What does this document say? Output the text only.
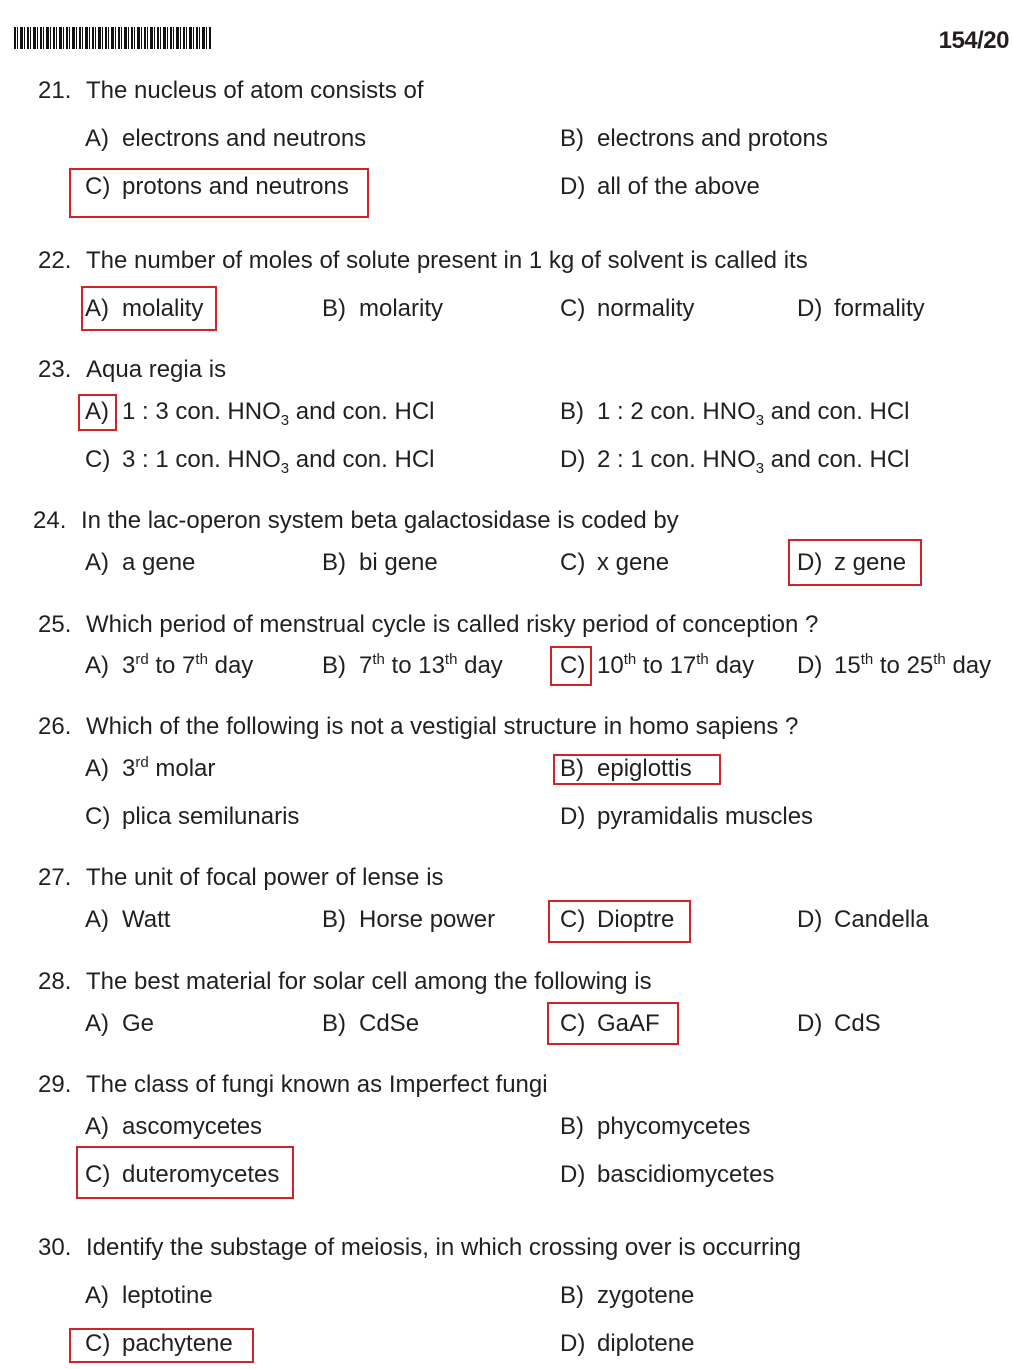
154/20
21. The nucleus of atom consists of
A) electrons and neutrons	B) electrons and protons
C) protons and neutrons	D) all of the above
22. The number of moles of solute present in 1 kg of solvent is called its
A) molality	B) molarity	C) normality	D) formality
23. Aqua regia is
A) 1 : 3 con. $HNO_3$ and con. HCl	B) 1 : 2 con. $HNO_3$ and con. HCl
C) 3 : 1 con. $HNO_3$ and con. HCl	D) 2 : 1 con. $HNO_3$ and con. HCl
24. In the lac-operon system beta galactosidase is coded by
A) a gene	B) bi gene	C) x gene	D) z gene
25. Which period of menstrual cycle is called risky period of conception ?
A) 3rd to 7th day	B) 7th to 13th day C) 10th to 17th day D) 15th to 25th day
26. Which of the following is not a vestigial structure in homo sapiens ?
A) 3rd molar	B) epiglottis
C) plica semilunaris	D) pyramidalis muscles
27. The unit of focal power of lense is
A) Watt	B) Horse power	C) Dioptre	D) Candella
28. The best material for solar cell among the following is
A) Ge	B) CdSe	C) GaAF	D) CdS
29. The class of fungi known as Imperfect fungi
A) ascomycetes	B) phycomycetes
C) duteromycetes	D) bascidiomycetes
30. Identify the substage of meiosis, in which crossing over is occurring
A) leptotine	B) zygotene
C) pachytene	D) diplotene
